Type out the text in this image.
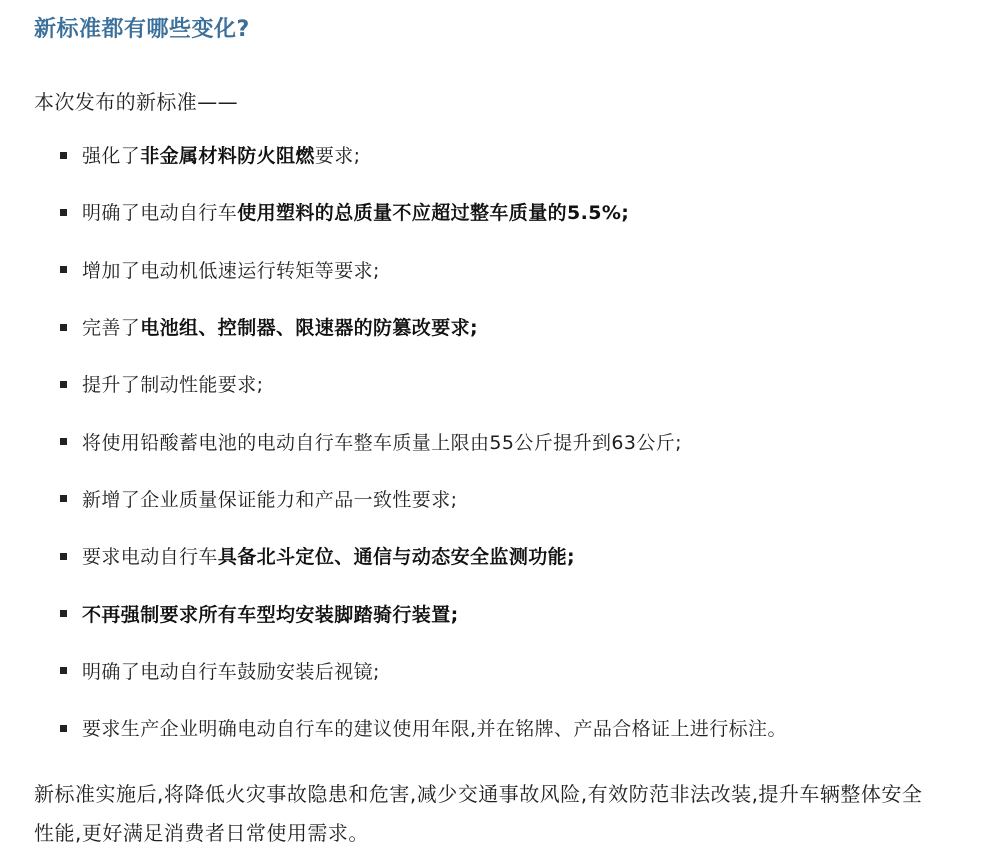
新标准都有哪些变化?

本次发布的新标准——

强化了非金属材料防火阻燃要求;
明确了电动自行车使用塑料的总质量不应超过整车质量的5.5%;
增加了电动机低速运行转矩等要求;
完善了电池组、控制器、限速器的防篡改要求;
提升了制动性能要求;
将使用铅酸蓄电池的电动自行车整车质量上限由55公斤提升到63公斤;
新增了企业质量保证能力和产品一致性要求;
要求电动自行车具备北斗定位、通信与动态安全监测功能;
不再强制要求所有车型均安装脚踏骑行装置;
明确了电动自行车鼓励安装后视镜;
要求生产企业明确电动自行车的建议使用年限,并在铭牌、产品合格证上进行标注。

新标准实施后,将降低火灾事故隐患和危害,减少交通事故风险,有效防范非法改装,提升车辆整体安全性能,更好满足消费者日常使用需求。
